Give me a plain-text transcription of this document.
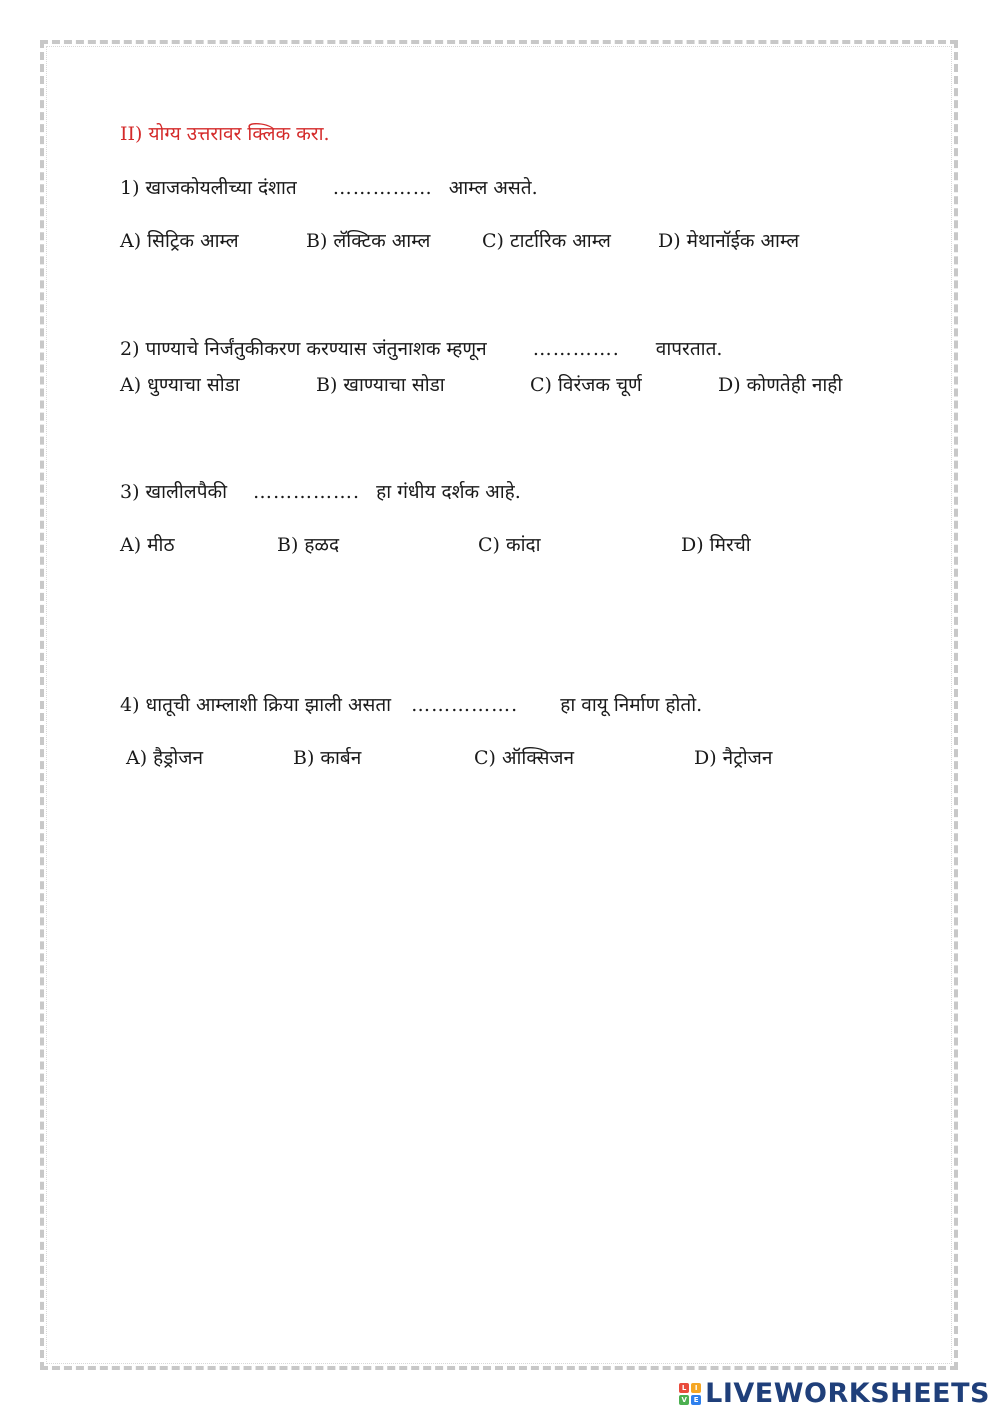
II) योग्य उत्तरावर क्लिक करा.
1) खाजकोयलीच्या दंशात …………… आम्ल असते.
A) सिट्रिक आम्ल	B) लॅक्टिक आम्ल	C) टार्टारिक आम्ल D) मेथानॉईक आम्ल
2) पाण्याचे निर्जंतुकीकरण करण्यास जंतुनाशक म्हणून …………. वापरतात.
A) धुण्याचा सोडा	B) खाण्याचा सोडा	C) विरंजक चूर्ण	D) कोणतेही नाही
3) खालीलपैकी ……………. हा गंधीय दर्शक आहे.
A) मीठ	B) हळद	C) कांदा	D) मिरची
4) धातूची आम्लाशी क्रिया झाली असता ……………. हा वायू निर्माण होतो.
A) हैड्रोजन	B) कार्बन	C) ऑक्सिजन	D) नैट्रोजन
L	I
V E LIVEWORKSHEETS
